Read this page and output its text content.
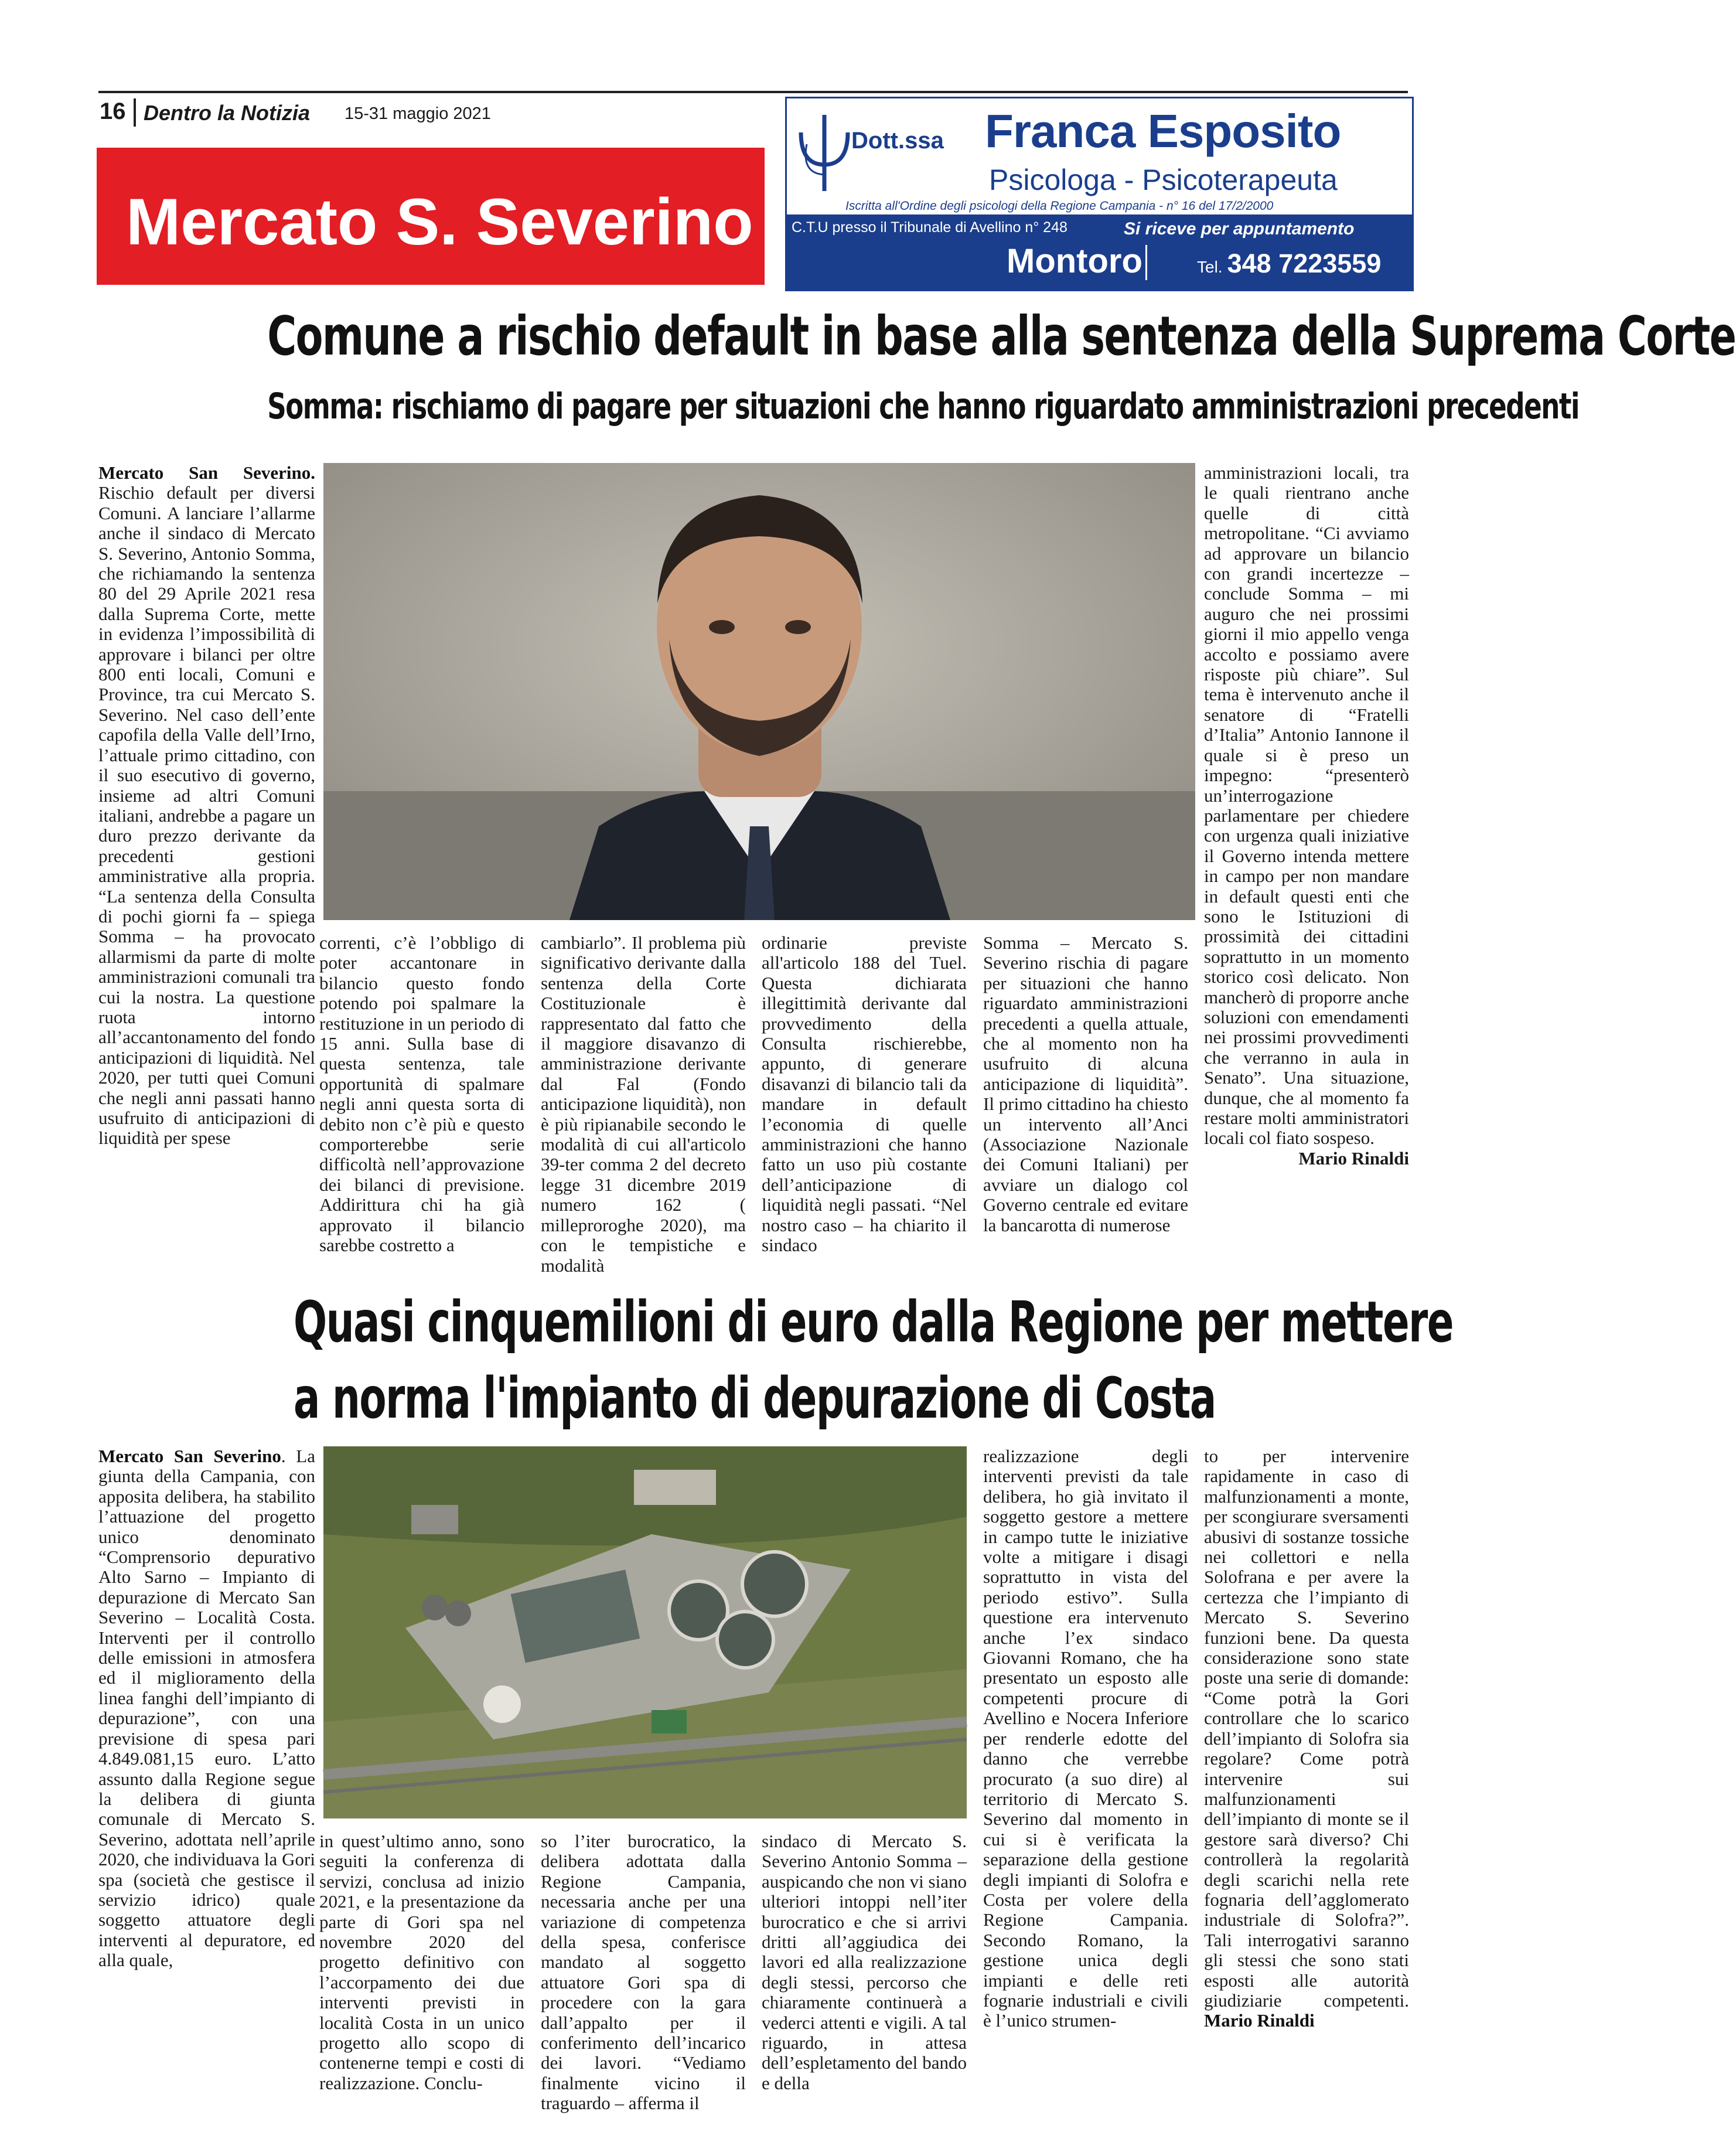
16 Dentro la Notizia 15-31 maggio 2021
Mercato S. Severino
Dott.ssa Franca Esposito
Psicologa - Psicoterapeuta
Iscritta all'Ordine degli psicologi della Regione Campania - n° 16 del 17/2/2000
C.T.U presso il Tribunale di Avellino n° 248	Si riceve per appuntamento
Montoro	Tel. 348 7223559
Comune a rischio default in base alla sentenza della Suprema Corte
Somma: rischiamo di pagare per situazioni che hanno riguardato amministrazioni precedenti
Mercato San Severino. Rischio default per diversi Comuni. A lanciare l’allarme anche il sindaco di Mercato S. Severino, Antonio Somma, che richiamando la sentenza 80 del 29 Aprile 2021 resa dalla Suprema Corte, mette in evidenza l’impossibilità di approvare i bilanci per oltre 800 enti locali, Comuni e Province, tra cui Mercato S. Severino. Nel caso dell’ente capofila della Valle dell’Irno, l’attuale primo cittadino, con il suo esecutivo di governo, insieme ad altri Comuni italiani, andrebbe a pagare un duro prezzo derivante da precedenti gestioni amministrative alla propria. “La sentenza della Consulta di pochi giorni fa – spiega Somma – ha provocato allarmismi da parte di molte amministrazioni comunali tra cui la nostra. La questione ruota intorno all’accantonamento del fondo anticipazioni di liquidità. Nel 2020, per tutti quei Comuni che negli anni passati hanno usufruito di anticipazioni di liquidità per spese
correnti, c’è l’obbligo di poter accantonare in bilancio questo fondo potendo poi spalmare la restituzione in un periodo di 15 anni. Sulla base di questa sentenza, tale opportunità di spalmare negli anni questa sorta di debito non c’è più e questo comporterebbe serie difficoltà nell’approvazione dei bilanci di previsione. Addirittura chi ha già approvato il bilancio sarebbe costretto a
cambiarlo”. Il problema più significativo derivante dalla sentenza della Corte Costituzionale è rappresentato dal fatto che il maggiore disavanzo di amministrazione derivante dal Fal (Fondo anticipazione liquidità), non è più ripianabile secondo le modalità di cui all'articolo 39-ter comma 2 del decreto legge 31 dicembre 2019 numero 162 ( milleproroghe 2020), ma con le tempistiche e modalità
ordinarie previste all'articolo 188 del Tuel. Questa dichiarata illegittimità derivante dal provvedimento della Consulta rischierebbe, appunto, di generare disavanzi di bilancio tali da mandare in default l’economia di quelle amministrazioni che hanno fatto un uso più costante dell’anticipazione di liquidità negli passati. “Nel nostro caso – ha chiarito il sindaco
Somma – Mercato S. Severino rischia di pagare per situazioni che hanno riguardato amministrazioni precedenti a quella attuale, che al momento non ha usufruito di alcuna anticipazione di liquidità”. Il primo cittadino ha chiesto un intervento all’Anci (Associazione Nazionale dei Comuni Italiani) per avviare un dialogo col Governo centrale ed evitare la bancarotta di numerose
amministrazioni locali, tra le quali rientrano anche quelle di città metropolitane. “Ci avviamo ad approvare un bilancio con grandi incertezze – conclude Somma – mi auguro che nei prossimi giorni il mio appello venga accolto e possiamo avere risposte più chiare”. Sul tema è intervenuto anche il senatore di “Fratelli d’Italia” Antonio Iannone il quale si è preso un impegno: “presenterò un’interrogazione parlamentare per chiedere con urgenza quali iniziative il Governo intenda mettere in campo per non mandare in default questi enti che sono le Istituzioni di prossimità dei cittadini soprattutto in un momento storico così delicato. Non mancherò di proporre anche soluzioni con emendamenti nei prossimi provvedimenti che verranno in aula in Senato”. Una situazione, dunque, che al momento fa restare molti amministratori locali col fiato sospeso.
Mario Rinaldi
Quasi cinquemilioni di euro dalla Regione per mettere
a norma l'impianto di depurazione di Costa
Mercato San Severino. La giunta della Campania, con apposita delibera, ha stabilito l’attuazione del progetto unico denominato “Comprensorio depurativo Alto Sarno – Impianto di depurazione di Mercato San Severino – Località Costa. Interventi per il controllo delle emissioni in atmosfera ed il miglioramento della linea fanghi dell’impianto di depurazione”, con una previsione di spesa pari 4.849.081,15 euro. L’atto assunto dalla Regione segue la delibera di giunta comunale di Mercato S. Severino, adottata nell’aprile 2020, che individuava la Gori spa (società che gestisce il servizio idrico) quale soggetto attuatore degli interventi al depuratore, ed alla quale,
in quest’ultimo anno, sono seguiti la conferenza di servizi, conclusa ad inizio 2021, e la presentazione da parte di Gori spa nel novembre 2020 del progetto definitivo con l’accorpamento dei due interventi previsti in località Costa in un unico progetto allo scopo di contenerne tempi e costi di realizzazione. Conclu-
so l’iter burocratico, la delibera adottata dalla Regione Campania, necessaria anche per una variazione di competenza della spesa, conferisce mandato al soggetto attuatore Gori spa di procedere con la gara dall’appalto per il conferimento dell’incarico dei lavori. “Vediamo finalmente vicino il traguardo – afferma il
sindaco di Mercato S. Severino Antonio Somma – auspicando che non vi siano ulteriori intoppi nell’iter burocratico e che si arrivi dritti all’aggiudica dei lavori ed alla realizzazione degli stessi, percorso che chiaramente continuerà a vederci attenti e vigili. A tal riguardo, in attesa dell’espletamento del bando e della
realizzazione degli interventi previsti da tale delibera, ho già invitato il soggetto gestore a mettere in campo tutte le iniziative volte a mitigare i disagi soprattutto in vista del periodo estivo”. Sulla questione era intervenuto anche l’ex sindaco Giovanni Romano, che ha presentato un esposto alle competenti procure di Avellino e Nocera Inferiore per renderle edotte del danno che verrebbe procurato (a suo dire) al territorio di Mercato S. Severino dal momento in cui si è verificata la separazione della gestione degli impianti di Solofra e Costa per volere della Regione Campania. Secondo Romano, la gestione unica degli impianti e delle reti fognarie industriali e civili è l’unico strumen-
to per intervenire rapidamente in caso di malfunzionamenti a monte, per scongiurare sversamenti abusivi di sostanze tossiche nei collettori e nella Solofrana e per avere la certezza che l’impianto di Mercato S. Severino funzioni bene. Da questa considerazione sono state poste una serie di domande: “Come potrà la Gori controllare che lo scarico dell’impianto di Solofra sia regolare? Come potrà intervenire sui malfunzionamenti dell’impianto di monte se il gestore sarà diverso? Chi controllerà la regolarità degli scarichi nella rete fognaria dell’agglomerato industriale di Solofra?”. Tali interrogativi saranno gli stessi che sono stati esposti alle autorità giudiziarie competenti. Mario Rinaldi
